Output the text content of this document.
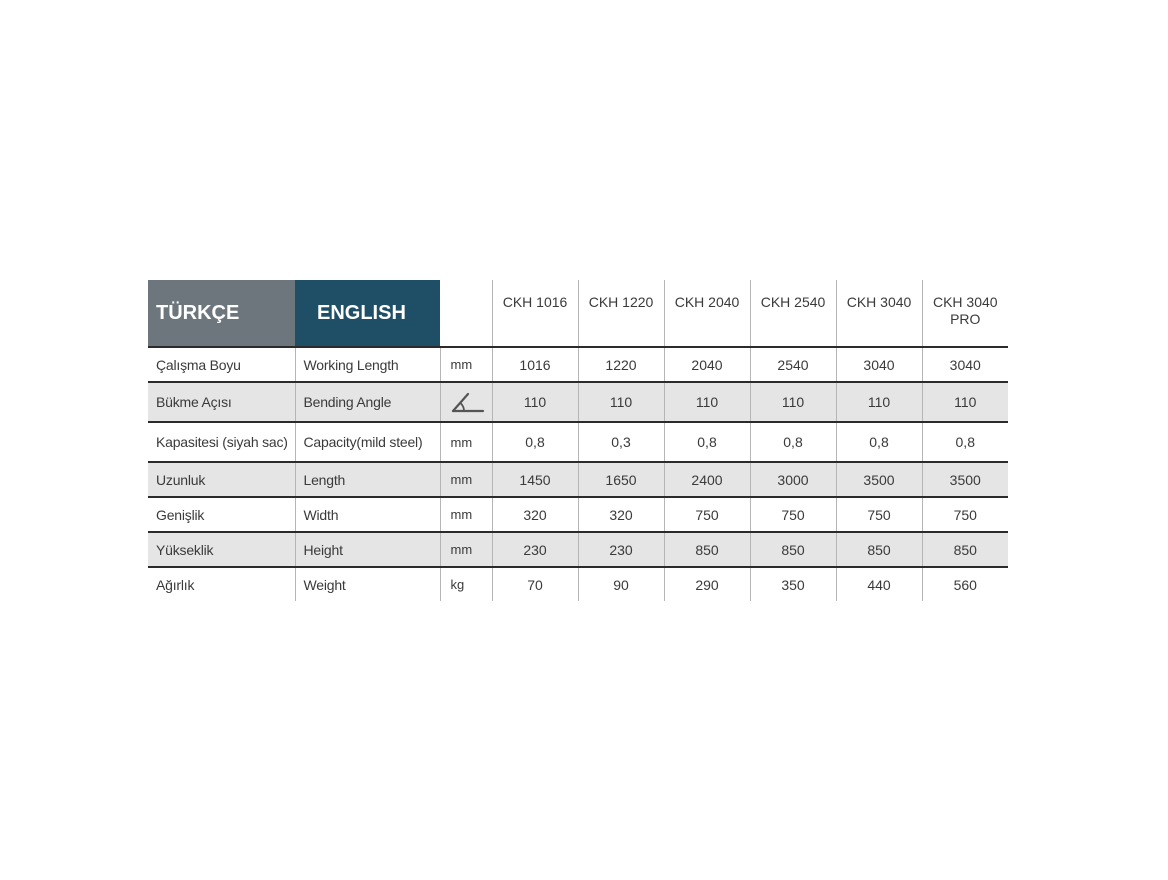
TÜRKÇE	ENGLISH		CKH 1016	CKH 1220	CKH 2040	CKH 2540	CKH 3040	CKH 3040
PRO
Çalışma Boyu	Working Length	mm	1016	1220	2040	2540	3040	3040
Bükme Açısı	Bending Angle		110	110	110	110	110	110
Kapasitesi (siyah sac)	Capacity(mild steel)	mm	0,8	0,3	0,8	0,8	0,8	0,8
Uzunluk	Length	mm	1450	1650	2400	3000	3500	3500
Genişlik	Width	mm	320	320	750	750	750	750
Yükseklik	Height	mm	230	230	850	850	850	850
Ağırlık	Weight	kg	70	90	290	350	440	560
